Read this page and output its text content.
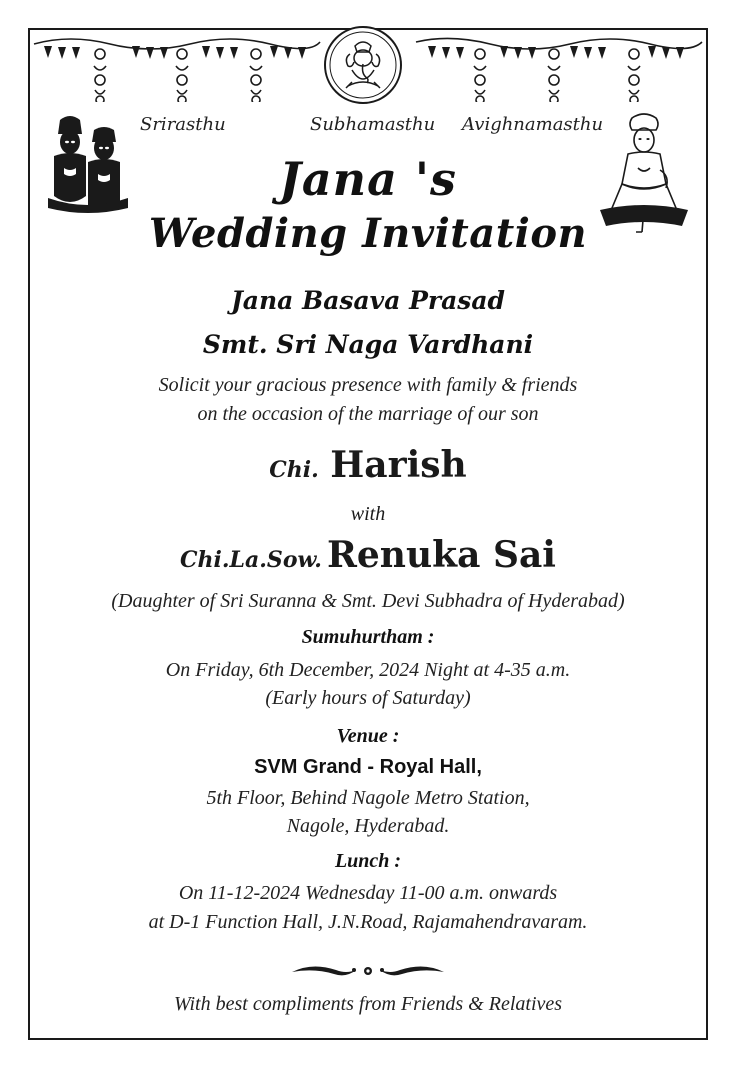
Srirasthu	Subhamasthu Avighnamasthu
Jana 's
Wedding Invitation
Jana Basava Prasad
Smt. Sri Naga Vardhani
Solicit your gracious presence with family & friends
on the occasion of the marriage of our son
Chi. Harish
with
Chi.La.Sow. Renuka Sai
(Daughter of Sri Suranna & Smt. Devi Subhadra of Hyderabad)
Sumuhurtham :
On Friday, 6th December, 2024 Night at 4-35 a.m.
(Early hours of Saturday)
Venue :
SVM Grand - Royal Hall,
5th Floor, Behind Nagole Metro Station,
Nagole, Hyderabad.
Lunch :
On 11-12-2024 Wednesday 11-00 a.m. onwards
at D-1 Function Hall, J.N.Road, Rajamahendravaram.
With best compliments from Friends & Relatives
